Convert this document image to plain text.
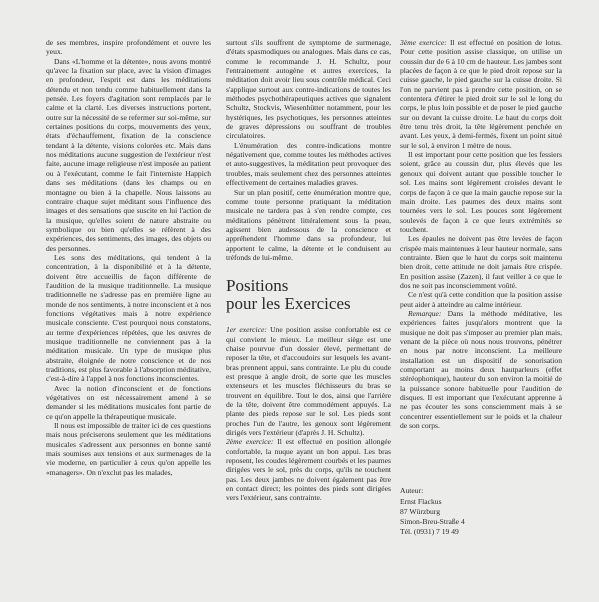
de ses membres, inspire profondément et ouvre les yeux.

Dans «L'homme et la détente», nous avons montré qu'avec la fixation sur place, avec la vision d'images en profondeur, l'esprit est dans les méditations détendu et non tendu comme habituellement dans la pensée. Les foyers d'agitation sont remplacés par le calme et la clarté. Les diverses instructions portent, outre sur la nécessité de se refermer sur soi-même, sur certaines positions du corps, mouvements des yeux, états d'échauffement, fixation de la conscience tendant à la détente, visions colorées etc. Mais dans nos méditations aucune suggestion de l'extérieur n'est faite, aucune image religieuse n'est imposée au patient ou à l'exécutant, comme le fait l'interniste Happich dans ses méditations (dans les champs ou en montagne ou bien à la chapelle. Nous laissons au contraire chaque sujet méditant sous l'influence des images et des sensations que suscite en lui l'action de la musique, qu'elles soient de nature abstraite ou symbolique ou bien qu'elles se réfèrent à des expériences, des sentiments, des images, des objets ou des personnes.

Les sons des méditations, qui tendent à la concentration, à la disponibilité et à la détente, doivent être accueillis de façon différente de l'audition de la musique traditionnelle. La musique traditionnelle ne s'adresse pas en première ligne au monde de nos sentiments, à notre inconscient et à nos fonctions végétatives mais à notre expérience musicale consciente. C'est pourquoi nous constatons, au terme d'expériences répétées, que les œuvres de musique traditionnelle ne conviennent pas à la méditation musicale. Un type de musique plus abstraite, éloignée de notre conscience et de nos traditions, est plus favorable à l'absorption méditative, c'est-à-dire à l'appel à nos fonctions inconscientes.

Avec la notion d'inconscient et de fonctions végétatives on est nécessairement amené à se demander si les méditations musicales font partie de ce qu'on appelle la thérapeutique musicale.

Il nous est impossible de traiter ici de ces questions mais nous préciserons seulement que les méditations musicales s'adressent aux personnes en bonne santé mais soumises aux tensions et aux surmenages de la vie moderne, en particulier à ceux qu'on appelle les «managers». On n'exclut pas les malades,

surtout s'ils souffrent de symptome de surmenage, d'états spasmodiques ou analogues. Mais dans ce cas, comme le recommande J. H. Schultz, pour l'entrainement autogène et autres exercices, la méditation doit avoir lieu sous contrôle médical. Ceci s'applique surtout aux contre-indications de toutes les méthodes psychothérapeutiques actives que signalent Schultz, Stockvis, Wiesenhütter notamment, pour les hystériques, les psychotiques, les personnes atteintes de graves dépressions ou souffrant de troubles circulatoires.

L'énumération des contre-indications montre négativement que, comme toutes les méthodes actives et auto-suggestives, la méditation peut provoquer des troubles, mais seulement chez des personnes atteintes effectivement de certaines maladies graves.

Sur un plan positif, cette énumération montre que, comme toute personne pratiquant la méditation musicale ne tardera pas à s'en rendre compte, ces méditations pénètrent littéralement sous la peau, agissent bien audessous de la conscience et appréhendent l'homme dans sa profondeur, lui apportent le calme, la détente et le conduisent au tréfonds de lui-même.

Positions
pour les Exercices

1er exercice: Une position assise confortable est ce qui convient le mieux. Le meilleur siège est une chaise pourvue d'un dossier élevé, permettant de reposer la tête, et d'accoudoirs sur lesquels les avant-bras prennent appui, sans contrainte. Le plu du coude est presque à angle droit, de sorte que les muscles extenseurs et les muscles fléchisseurs du bras se trouvent en équilibre. Tout le dos, ainsi que l'arrière de la tête, doivent être commodément appuyés. La plante des pieds repose sur le sol. Les pieds sont proches l'un de l'autre, les genoux sont légèrement dirigés vers l'extérieur (d'après J. H. Schultz).

2ème exercice: Il est effectué en position allongée confortable, la nuque ayant un bon appui. Les bras reposent, les coudes légèrement courbés et les paumes dirigées vers le sol, près du corps, qu'ils ne touchent pas. Les deux jambes ne doivent également pas être en contact direct; les pointes des pieds sont dirigées vers l'extérieur, sans contrainte.

3ème exercice: Il est effectué en position de lotus. Pour cette position assise classique, on utilise un coussin dur de 6 à 10 cm de hauteur. Les jambes sont placées de façon à ce que le pied droit repose sur la cuisse gauche, le pied gauche sur la cuisse droite. Si l'on ne parvient pas à prendre cette position, on se contentera d'étirer le pied droit sur le sol le long du corps, le plus loin possible et de poser le pied gauche sur ou devant la cuisse droite. Le haut du corps doit être tenu très droit, la tête légèrement penchée en avant. Les yeux, à demi-fermés, fixent un point situé sur le sol, à environ 1 mètre de nous.

Il est important pour cette position que les fessiers soient, grâce au coussin dur, plus élevés que les genoux qui doivent autant que possible toucher le sol. Les mains sont légèrement croisées devant le corps de façon à ce que la main gauche repose sur la main droite. Les paumes des deux mains sont tournées vers le sol. Les pouces sont légèrement soulevés de façon à ce que leurs extrémités se touchent.

Les épaules ne doivent pas être levées de façon crispée mais maintenues à leur hauteur normale, sans contrainte. Bien que le haut du corps soit maintenu bien droit, cette attitude ne doit jamais être crispée. En position assise (Zazen), il faut veiller à ce que le dos ne soit pas inconsciemment voûté.

Ce n'est qu'à cette condition que la position assise peut aider à atteindre au calme intérieur.

Remarque: Dans la méthode méditative, les expériences faites jusqu'alors montrent que la musique ne doit pas s'imposer au premier plan mais, venant de la pièce où nous nous trouvons, pénétrer en nous par notre inconscient. La meilleure installation est un dispositif de sonorisation comportant au moins deux hautparleurs (effet stéréophonique), hauteur du son environ la moitié de la puissance sonore habituelle pour l'audition de disques. Il est important que l'exécutant apprenne à ne pas écouter les sons consciemment mais à se concentrer essentiellement sur le poids et la chaleur de son corps.

Auteur:
Ernst Flackus
87 Würzburg
Simon-Breu-Straße 4
Tél. (0931) 7 19 49
